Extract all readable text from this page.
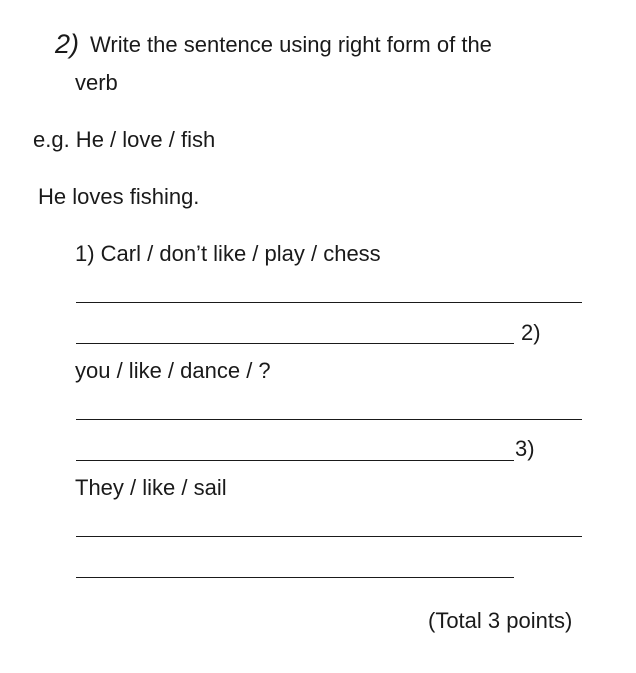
2) Write the sentence using right form of the
verb
e.g. He / love / fish
He loves fishing.
1) Carl / don’t like / play / chess
2)
you / like / dance / ?
3)
They / like / sail
(Total 3 points)
